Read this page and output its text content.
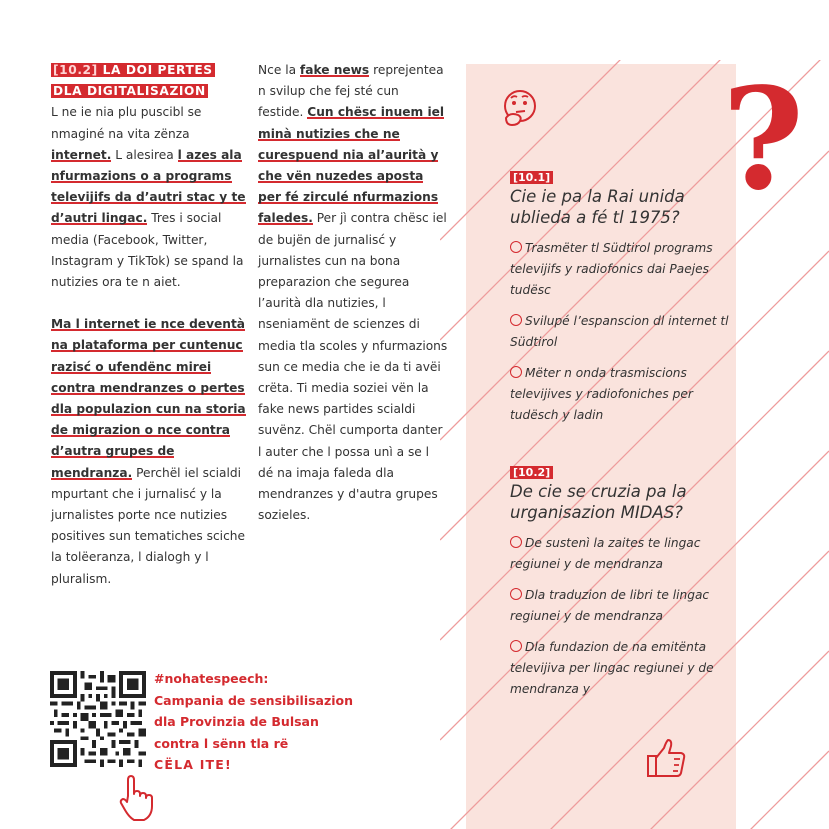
[10.2] LA DOI PERTES
DLA DIGITALISAZION
L ne ie nia plu puscibl se nmaginé na vita zënza internet. L alesirea l azes ala nfurmazions o a programs televijifs da d’autri stac y te d’autri lingac. Tres i social media (Facebook, Twitter, Instagram y TikTok) se spand la nutizies ora te n aiet.
Ma l internet ie nce deventà na plataforma per cuntenuc razisć o ufendënc mirei contra mendranzes o pertes dla populazion cun na storia de migrazion o nce contra d’autra grupes de mendranza. Perchël iel scialdi mpurtant che i jurnalisć y la jurnalistes porte nce nutizies positives sun tematiches sciche la tolëeranza, l dialogh y l pluralism.
Nce la fake news reprejentea n svilup che fej sté cun festide. Cun chësc inuem iel minà nutizies che ne curespuend nia al’aurità y che vën nuzedes aposta per fé zirculé nfurmazions faledes. Per jì contra chësc iel de bujën de jurnalisć y jurnalistes cun na bona preparazion che segurea l’aurità dla nutizies, l nseniamënt de scienzes di media tla scoles y nfurmazions sun ce media che ie da ti avëi crëta. Ti media soziei vën la fake news partides scialdi suvënz. Chël cumporta danter l auter che l possa unì a se l dé na imaja faleda dla mendranzes y d'autra grupes sozieles.
?
[10.1]
Cie ie pa la Rai unida ublieda a fé tl 1975?
Trasmëter tl Südtirol programs televijifs y radiofonics dai Paejes tudësc
Svilupé l’espanscion dl internet tl Südtirol
Mëter n onda trasmiscions televijives y radiofoniches per tudësch y ladin
[10.2]
De cie se cruzia pa la urganisazion MIDAS?
De sustenì la zaites te lingac regiunei y de mendranza
Dla traduzion de libri te lingac regiunei y de mendranza
Dla fundazion de na emitënta televijiva per lingac regiunei y de mendranza y
#nohatespeech:
Campania de sensibilisazion
dla Provinzia de Bulsan
contra l sënn tla rë
CËLA ITE!
